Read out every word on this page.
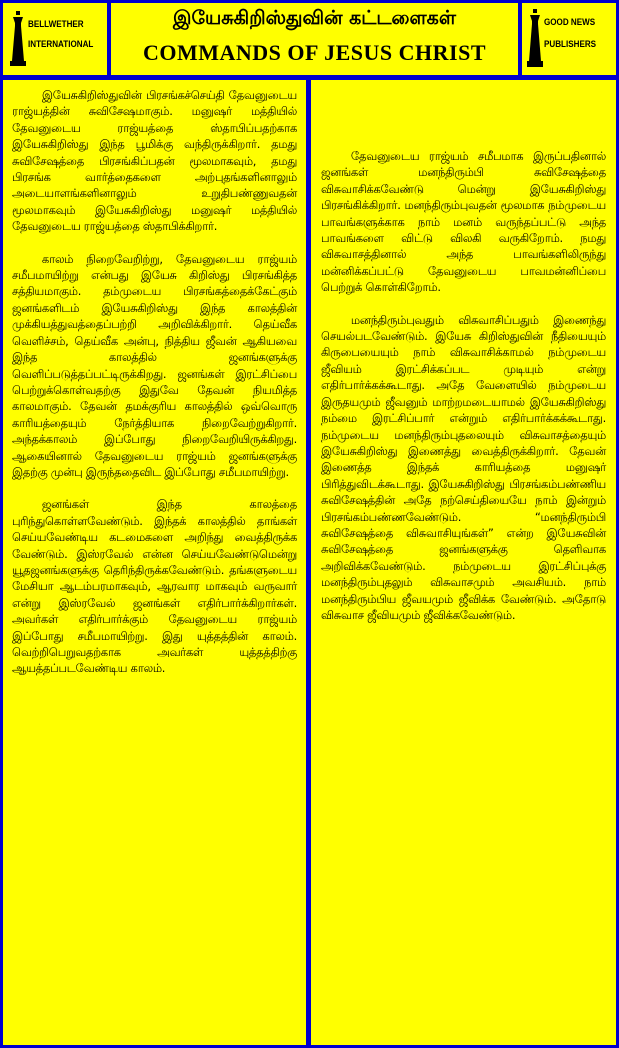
BELLWETHER
INTERNATIONAL
இயேசுகிறிஸ்துவின் கட்டளைகள்
COMMANDS OF JESUS CHRIST
GOOD NEWS
PUBLISHERS

இயேசுகிறிஸ்துவின் பிரசங்கச்செய்தி தேவனுடைய ராஜ்யத்தின் சுவிசேஷமாகும். மனுஷர் மத்தியில் தேவனுடைய ராஜ்யத்தை ஸ்தாபிப்பதற்காக இயேசுகிறிஸ்து இந்த பூமிக்கு வந்திருக்கிறார். தமது சுவிசேஷத்தை பிரசங்கிப்பதன் மூலமாகவும், தமது பிரசங்க வார்த்தைகளை அற்புதங்களினாலும் அடையாளங்களினாலும் உறுதிபண்ணுவதன் மூலமாகவும் இயேசுகிறிஸ்து மனுஷர் மத்தியில் தேவனுடைய ராஜ்யத்தை ஸ்தாபிக்கிறார்.

காலம் நிறைவேறிற்று, தேவனுடைய ராஜ்யம் சமீபமாயிற்று என்பது இயேசு கிறிஸ்து பிரசங்கித்த சத்தியமாகும். தம்முடைய பிரசங்கத்தைக்கேட்கும் ஜனங்களிடம் இயேசுகிறிஸ்து இந்த காலத்தின் முக்கியத்துவத்தைப்பற்றி அறிவிக்கிறார். தெய்வீக வெளிச்சம், தெய்வீக அன்பு, நித்திய ஜீவன் ஆகியவை இந்த காலத்தில் ஜனங்களுக்கு வெளிப்படுத்தப்பட்டிருக்கிறது. ஜனங்கள் இரட்சிப்பை பெற்றுக்கொள்வதற்கு இதுவே தேவன் நியமித்த காலமாகும். தேவன் தமக்குரிய காலத்தில் ஒவ்வொரு காரியத்தையும் நேர்த்தியாக நிறைவேற்றுகிறார். அந்தக்காலம் இப்போது நிறைவேறியிருக்கிறது. ஆகையினால் தேவனுடைய ராஜ்யம் ஜனங்களுக்கு இதற்கு முன்பு இருந்ததைவிட இப்போது சமீபமாயிற்று.

ஜனங்கள் இந்த காலத்தை புரிந்துகொள்ளவேண்டும். இந்தக் காலத்தில் தாங்கள் செய்யவேண்டிய கடமைகளை அறிந்து வைத்திருக்க வேண்டும். இஸ்ரவேல் என்ன செய்யவேண்டுமென்று யூதஜனங்களுக்கு தெரிந்திருக்கவேண்டும். தங்களுடைய மேசியா ஆடம்பரமாகவும், ஆரவார மாகவும் வருவார் என்று இஸ்ரவேல் ஜனங்கள் எதிர்பார்க்கிறார்கள். அவர்கள் எதிர்பார்க்கும் தேவனுடைய ராஜ்யம் இப்போது சமீபமாயிற்று. இது யுத்தத்தின் காலம். வெற்றிபெறுவதற்காக அவர்கள் யுத்தத்திற்கு ஆயத்தப்படவேண்டிய காலம்.

தேவனுடைய ராஜ்யம் சமீபமாக இருப்பதினால் ஜனங்கள் மனந்திரும்பி சுவிசேஷத்தை விசுவாசிக்கவேண்டு மென்று இயேசுகிறிஸ்து பிரசங்கிக்கிறார். மனந்திரும்புவதன் மூலமாக நம்முடைய பாவங்களுக்காக நாம் மனம் வருந்தப்பட்டு அந்த பாவங்களை விட்டு விலகி வருகிறோம். நமது விசுவாசத்தினால் அந்த பாவங்களிலிருந்து மன்னிக்கப்பட்டு தேவனுடைய பாவமன்னிப்பை பெற்றுக் கொள்கிறோம்.

மனந்திரும்புவதும் விசுவாசிப்பதும் இணைந்து செயல்படவேண்டும். இயேசு கிறிஸ்துவின் நீதியையும் கிருபையையும் நாம் விசுவாசிக்காமல் நம்முடைய ஜீவியம் இரட்சிக்கப்பட முடியும் என்று எதிர்பார்க்கக்கூடாது. அதே வேளையில் நம்முடைய இருதயமும் ஜீவனும் மாற்றமடையாமல் இயேசுகிறிஸ்து நம்மை இரட்சிப்பார் என்றும் எதிர்பார்க்கக்கூடாது. நம்முடைய மனந்திரும்புதலையும் விசுவாசத்தையும் இயேசுகிறிஸ்து இணைத்து வைத்திருக்கிறார். தேவன் இணைத்த இந்தக் காரியத்தை மனுஷர் பிரித்துவிடக்கூடாது. இயேசுகிறிஸ்து பிரசங்கம்பண்ணிய சுவிசேஷத்தின் அதே நற்செய்தியையே நாம் இன்றும் பிரசங்கம்பண்ணவேண்டும். “மனந்திரும்பி சுவிசேஷத்தை விசுவாசியுங்கள்” என்ற இயேசுவின் சுவிசேஷத்தை ஜனங்களுக்கு தெளிவாக அறிவிக்கவேண்டும். நம்முடைய இரட்சிப்புக்கு மனந்திரும்புதலும் விசுவாசமும் அவசியம். நாம் மனந்திரும்பிய ஜீவயமும் ஜீவிக்க வேண்டும். அதோடு விசுவாச ஜீவியமும் ஜீவிக்கவேண்டும்.
